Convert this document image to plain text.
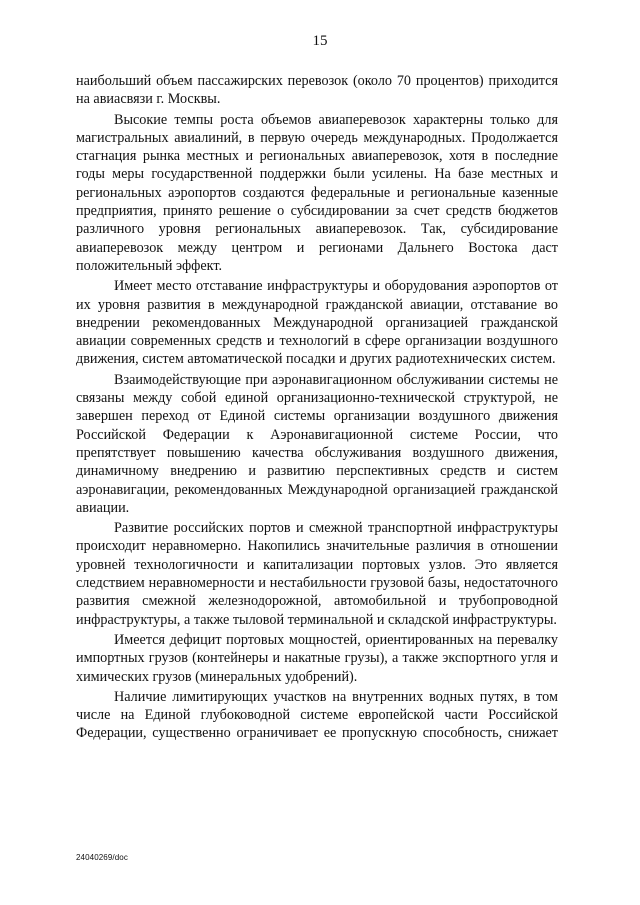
15

наибольший объем пассажирских перевозок (около 70 процентов) приходится на авиасвязи г. Москвы.

Высокие темпы роста объемов авиаперевозок характерны только для магистральных авиалиний, в первую очередь международных. Продолжается стагнация рынка местных и региональных авиаперевозок, хотя в последние годы меры государственной поддержки были усилены. На базе местных и региональных аэропортов создаются федеральные и региональные казенные предприятия, принято решение о субсидировании за счет средств бюджетов различного уровня региональных авиаперевозок. Так, субсидирование авиаперевозок между центром и регионами Дальнего Востока даст положительный эффект.

Имеет место отставание инфраструктуры и оборудования аэропортов от их уровня развития в международной гражданской авиации, отставание во внедрении рекомендованных Международной организацией гражданской авиации современных средств и технологий в сфере организации воздушного движения, систем автоматической посадки и других радиотехнических систем.

Взаимодействующие при аэронавигационном обслуживании системы не связаны между собой единой организационно-технической структурой, не завершен переход от Единой системы организации воздушного движения Российской Федерации к Аэронавигационной системе России, что препятствует повышению качества обслуживания воздушного движения, динамичному внедрению и развитию перспективных средств и систем аэронавигации, рекомендованных Международной организацией гражданской авиации.

Развитие российских портов и смежной транспортной инфраструктуры происходит неравномерно. Накопились значительные различия в отношении уровней технологичности и капитализации портовых узлов. Это является следствием неравномерности и нестабильности грузовой базы, недостаточного развития смежной железнодорожной, автомобильной и трубопроводной инфраструктуры, а также тыловой терминальной и складской инфраструктуры.

Имеется дефицит портовых мощностей, ориентированных на перевалку импортных грузов (контейнеры и накатные грузы), а также экспортного угля и химических грузов (минеральных удобрений).

Наличие лимитирующих участков на внутренних водных путях, в том числе на Единой глубоководной системе европейской части Российской Федерации, существенно ограничивает ее пропускную способность, снижает

24040269/doc
